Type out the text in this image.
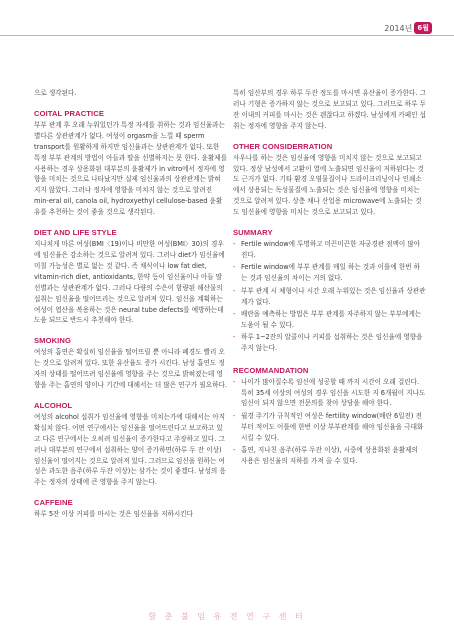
2014년 6월

으로 생각된다.

COITAL PRACTICE

부부 관계 후 오래 누워있던가 특정 자세를 취하는 것과 임신율과는 별다른 상관관계가 없다. 여성이 orgasm을 느낄 때 sperm transport를 원활하게 하지만 임신율과는 상관관계가 없다. 또한 특정 부부 관계의 방법이 아들과 딸을 선별하지는 못 한다. 윤활제를 사용하는 경우 상용화된 대부분의 윤활제가 in vitro에서 정자에 영향을 미치는 것으로 나타났지만 실제 임신율과의 상관관계는 밝혀지지 않았다. 그러나 정자에 영향을 미치지 않는 것으로 알려진 min-eral oil, canola oil, hydroxyethyl cellulose-based 윤활유를 추천하는 것이 좋을 것으로 생각된다.

DIET AND LIFE STYLE

지나치게 마른 여성(BMI〈19)이나 비만한 여성(BMI〉30)의 경우에 임신율은 감소하는 것으로 알려져 있다. 그러나 diet가 임신율에 미칠 가능성은 별로 없는 것 같다. 즉 채식이나 low fat diet, vitamin-rich diet, antioxidants, 한약 등이 임신율이나 아들 딸 선별과는 상관관계가 없다. 그러나 다량의 수은이 함량된 해산물의 섭취는 임신율을 떨어뜨리는 것으로 알려져 있다. 임신을 계획하는 여성이 엽산을 복용하는 것은 neural tube defects를 예방하는데 도움 되므로 반드시 추천해야 한다.

SMOKING

여성의 흡연은 확실히 임신율을 떨어뜨릴 뿐 아니라 폐경도 빨리 오는 것으로 알려져 있다. 또한 유산율도 증가 시킨다. 남성 흡연도 정자의 상태를 떨어뜨려 임신율에 영향을 주는 것으로 밝혀졌는데 영향을 주는 흡연의 양이나 기간에 대해서는 더 많은 연구가 필요하다.

ALCOHOL

여성의 alcohol 섭취가 임신율에 영향을 미치는가에 대해서는 아직 확실치 않다. 어떤 연구에서는 임신율을 떨어뜨린다고 보고하고 있고 다른 연구에서는 오히려 임신율이 증가한다고 주장하고 있다. 그러나 대부분의 연구에서 섭취하는 양이 증가하면(하루 두 잔 이상) 임신율이 떨어지는 것으로 알려져 있다. 그러므로 임신을 원하는 여성은 과도한 음주(하루 두잔 이상)는 삼가는 것이 좋겠다. 남성의 음주는 정자의 상태에 큰 영향을 주지 않는다.

CAFFEINE

하루 5잔 이상 커피를 마시는 것은 임신율을 저하시킨다

특히 임산부의 경우 하루 두잔 정도를 마시면 유산율이 증가한다. 그러나 기형은 증가하지 않는 것으로 보고되고 있다. 그러므로 하루 두잔 이내의 커피를 마시는 것은 괜찮다고 하겠다. 남성에게 카페인 섭취는 정자에 영향을 주지 않는다.

OTHER CONSIDERRATION

사우나를 하는 것은 임신율에 영향을 미치지 않는 것으로 보고되고 있다. 정상 남성에서 고환이 열에 노출되면 임신율이 저하된다는 것도 근거가 없다. 기타 환경 오염물질이나 드라이크리닝이나 인쇄소에서 상용되는 독성물질에 노출되는 것은 임신율에 영향을 미치는 것으로 알려져 있다. 상층 채나 산업용 microwave에 노출되는 것도 임신율에 영향을 미치는 것으로 보고되고 있다.

SUMMARY
- Fertile window에 투명하고 미끈미끈한 자궁경관 점액이 많아진다.
- Fertile window에 부부 관계를 매일 하는 것과 이틀에 한번 하는 것과 임신율의 차이는 거의 없다.
- 부부 관계 시 체형이나 시간 오래 누워있는 것은 임신율과 상관관계가 없다.
- 배란을 예측하는 방법은 부부 관계를 자주하지 않는 부부에게는 도움이 될 수 있다.
- 하루 1~2잔의 알콜이나 커피를 섭취하는 것은 임신율에 영향을 주지 않는다.
RECOMMANDATION
- 나이가 많아질수록 임신에 성공할 때 까지 시간이 오래 걸린다. 특히 35세 이상의 여성의 경우 임신을 시도한 지 6개월이 지나도 임신이 되지 않으면 전문의를 찾아 상담을 해야 한다.
- 월경 주기가 규칙적인 여성은 fertility window(배란 6일전) 전부터 적어도 이틀에 한번 이상 부부관계를 해야 임신율을 극대화 시킬 수 있다.
- 흡연, 지나친 음주(하루 두잔 이상), 시중에 상용화된 윤활제의 사용은 임신율의 저하를 가져 올 수 있다.
함 춘 불 임 유 전 연 구 센 터
